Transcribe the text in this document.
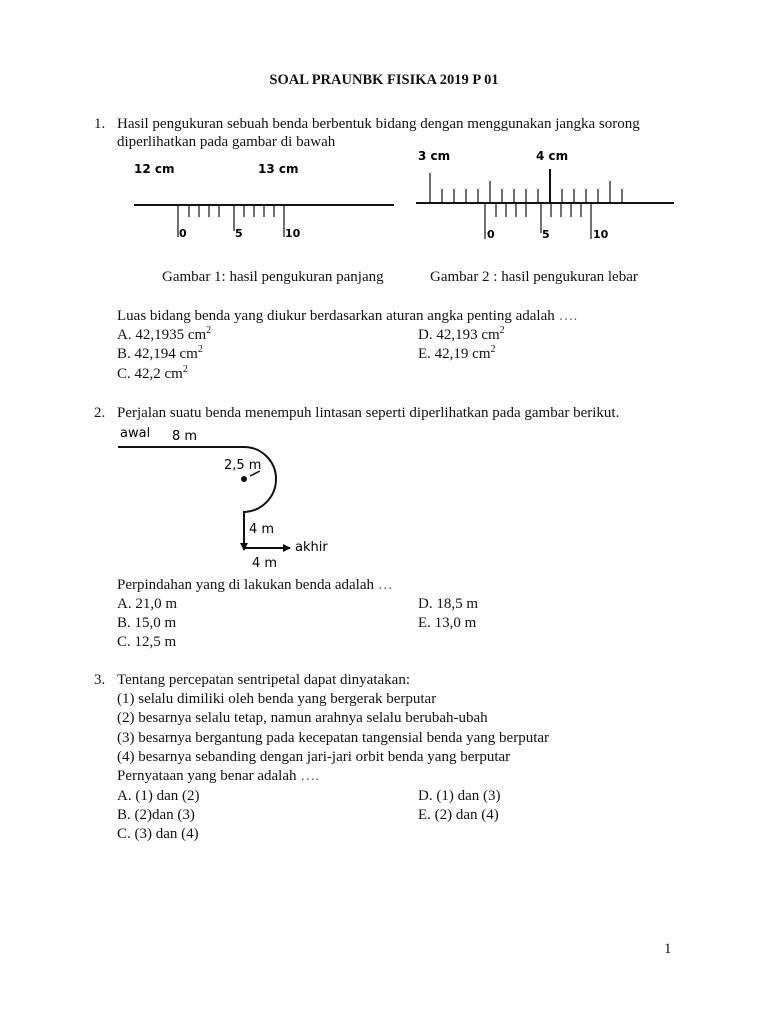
SOAL PRAUNBK FISIKA 2019 P 01
1. Hasil pengukuran sebuah benda berbentuk bidang dengan menggunakan jangka sorong
diperlihatkan pada gambar di bawah
12 cm	13 cm
0	5	10
3 cm	4 cm
0	5	10
Gambar 1: hasil pengukuran panjang	Gambar 2 : hasil pengukuran lebar
Luas bidang benda yang diukur berdasarkan aturan angka penting adalah ….
A. 42,1935 $cm^2$
B. 42,194 $cm^2$
C. 42,2 $cm^2$
D. 42,193 $cm^2$
E. 42,19 $cm^2$
2. Perjalan suatu benda menempuh lintasan seperti diperlihatkan pada gambar berikut.
awal 8 m
2,5 m
4 m
akhir
4 m
Perpindahan yang di lakukan benda adalah …
A. 21,0 m
B. 15,0 m
C. 12,5 m
D. 18,5 m
E. 13,0 m
3. Tentang percepatan sentripetal dapat dinyatakan:
(1) selalu dimiliki oleh benda yang bergerak berputar
(2) besarnya selalu tetap, namun arahnya selalu berubah-ubah
(3) besarnya bergantung pada kecepatan tangensial benda yang berputar
(4) besarnya sebanding dengan jari-jari orbit benda yang berputar
Pernyataan yang benar adalah ….
A. (1) dan (2)
B. (2)dan (3)
C. (3) dan (4)
D. (1) dan (3)
E. (2) dan (4)
1
